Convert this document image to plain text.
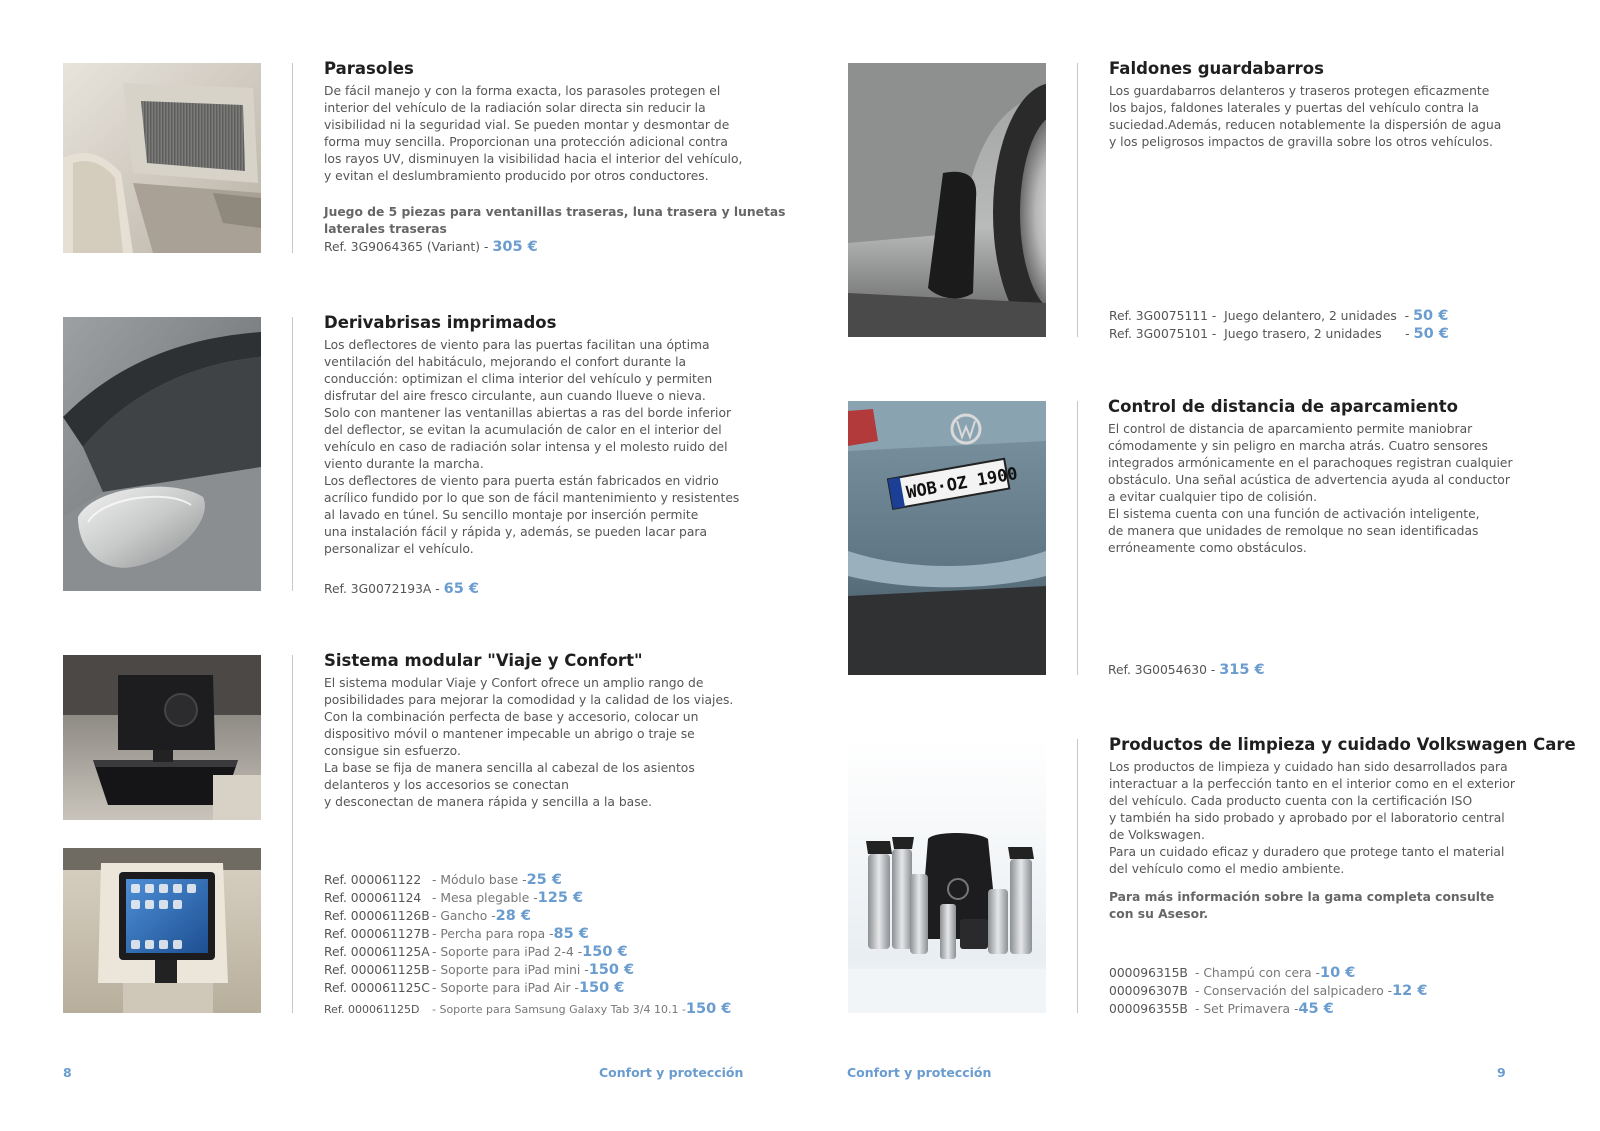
Parasoles

De fácil manejo y con la forma exacta, los parasoles protegen el

interior del vehículo de la radiación solar directa sin reducir la

visibilidad ni la seguridad vial. Se pueden montar y desmontar de

forma muy sencilla. Proporcionan una protección adicional contra

los rayos UV, disminuyen la visibilidad hacia el interior del vehículo,

y evitan el deslumbramiento producido por otros conductores.

Juego de 5 piezas para ventanillas traseras, luna trasera y lunetas

laterales traseras

Ref. 3G9064365 (Variant) - 305 €
Derivabrisas imprimados

Los deflectores de viento para las puertas facilitan una óptima

ventilación del habitáculo, mejorando el confort durante la

conducción: optimizan el clima interior del vehículo y permiten

disfrutar del aire fresco circulante, aun cuando llueve o nieva.

Solo con mantener las ventanillas abiertas a ras del borde inferior

del deflector, se evitan la acumulación de calor en el interior del

vehículo en caso de radiación solar intensa y el molesto ruido del

viento durante la marcha.

Los deflectores de viento para puerta están fabricados en vidrio

acrílico fundido por lo que son de fácil mantenimiento y resistentes

al lavado en túnel. Su sencillo montaje por inserción permite

una instalación fácil y rápida y, además, se pueden lacar para

personalizar el vehículo.

Ref. 3G0072193A - 65 €
Sistema modular "Viaje y Confort"

El sistema modular Viaje y Confort ofrece un amplio rango de

posibilidades para mejorar la comodidad y la calidad de los viajes.

Con la combinación perfecta de base y accesorio, colocar un

dispositivo móvil o mantener impecable un abrigo o traje se

consigue sin esfuerzo.

La base se fija de manera sencilla al cabezal de los asientos

delanteros y los accesorios se conectan

y desconectan de manera rápida y sencilla a la base.

Ref. 000061122 - Módulo base - 25 €
Ref. 000061124 - Mesa plegable - 125 €
Ref. 000061126B - Gancho - 28 €
Ref. 000061127B - Percha para ropa - 85 €
Ref. 000061125A - Soporte para iPad 2-4 - 150 €
Ref. 000061125B - Soporte para iPad mini - 150 €
Ref. 000061125C - Soporte para iPad Air - 150 €
Ref. 000061125D	- Soporte para Samsung Galaxy Tab 3/4 10.1 - 150 €
Faldones guardabarros

Los guardabarros delanteros y traseros protegen eficazmente

los bajos, faldones laterales y puertas del vehículo contra la

suciedad.Además, reducen notablemente la dispersión de agua

y los peligrosos impactos de gravilla sobre los otros vehículos.

Ref. 3G0075111 -  Juego delantero, 2 unidades  - 50 €
Ref. 3G0075101 -  Juego trasero, 2 unidades      - 50 €
WOB·OZ 1900
Control de distancia de aparcamiento

El control de distancia de aparcamiento permite maniobrar

cómodamente y sin peligro en marcha atrás. Cuatro sensores

integrados armónicamente en el parachoques registran cualquier

obstáculo. Una señal acústica de advertencia ayuda al conductor

a evitar cualquier tipo de colisión.

El sistema cuenta con una función de activación inteligente,

de manera que unidades de remolque no sean identificadas

erróneamente como obstáculos.

Ref. 3G0054630 - 315 €
Productos de limpieza y cuidado Volkswagen Care

Los productos de limpieza y cuidado han sido desarrollados para

interactuar a la perfección tanto en el interior como en el exterior

del vehículo. Cada producto cuenta con la certificación ISO

y también ha sido probado y aprobado por el laboratorio central

de Volkswagen.

Para un cuidado eficaz y duradero que protege tanto el material

del vehículo como el medio ambiente.

Para más información sobre la gama completa consulte

con su Asesor.

000096315B - Champú con cera - 10 €
000096307B - Conservación del salpicadero - 12 €
000096355B - Set Primavera - 45 €
8	Confort y protección	Confort y protección	9
